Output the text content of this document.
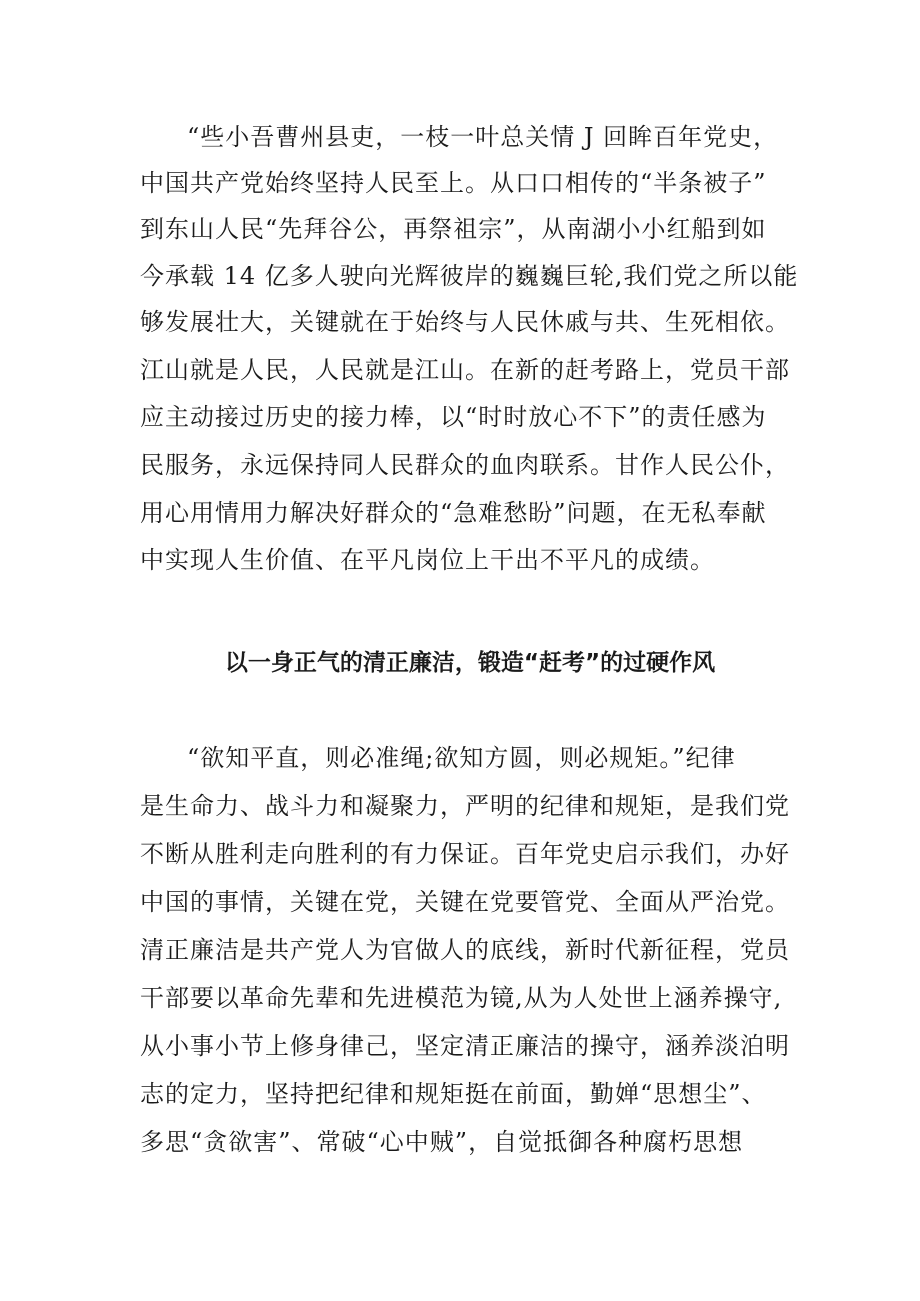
“些小吾曹州县吏，一枝一叶总关情 J 回眸百年党史，
中国共产党始终坚持人民至上。从口口相传的“半条被子”
到东山人民“先拜谷公，再祭祖宗”，从南湖小小红船到如
今承载 14 亿多人驶向光辉彼岸的巍巍巨轮,我们党之所以能
够发展壮大，关键就在于始终与人民休戚与共、生死相依。
江山就是人民，人民就是江山。在新的赶考路上，党员干部
应主动接过历史的接力棒，以“时时放心不下”的责任感为
民服务，永远保持同人民群众的血肉联系。甘作人民公仆，
用心用情用力解决好群众的“急难愁盼”问题，在无私奉献
中实现人生价值、在平凡岗位上干出不平凡的成绩。
以一身正气的清正廉洁，锻造“赶考”的过硬作风
“欲知平直，则必准绳;欲知方圆，则必规矩。”纪律
是生命力、战斗力和凝聚力，严明的纪律和规矩，是我们党
不断从胜利走向胜利的有力保证。百年党史启示我们，办好
中国的事情，关键在党，关键在党要管党、全面从严治党。
清正廉洁是共产党人为官做人的底线，新时代新征程，党员
干部要以革命先辈和先进模范为镜,从为人处世上涵养操守,
从小事小节上修身律己，坚定清正廉洁的操守，涵养淡泊明
志的定力，坚持把纪律和规矩挺在前面，勤婵“思想尘”、
多思“贪欲害”、常破“心中贼”，自觉抵御各种腐朽思想
